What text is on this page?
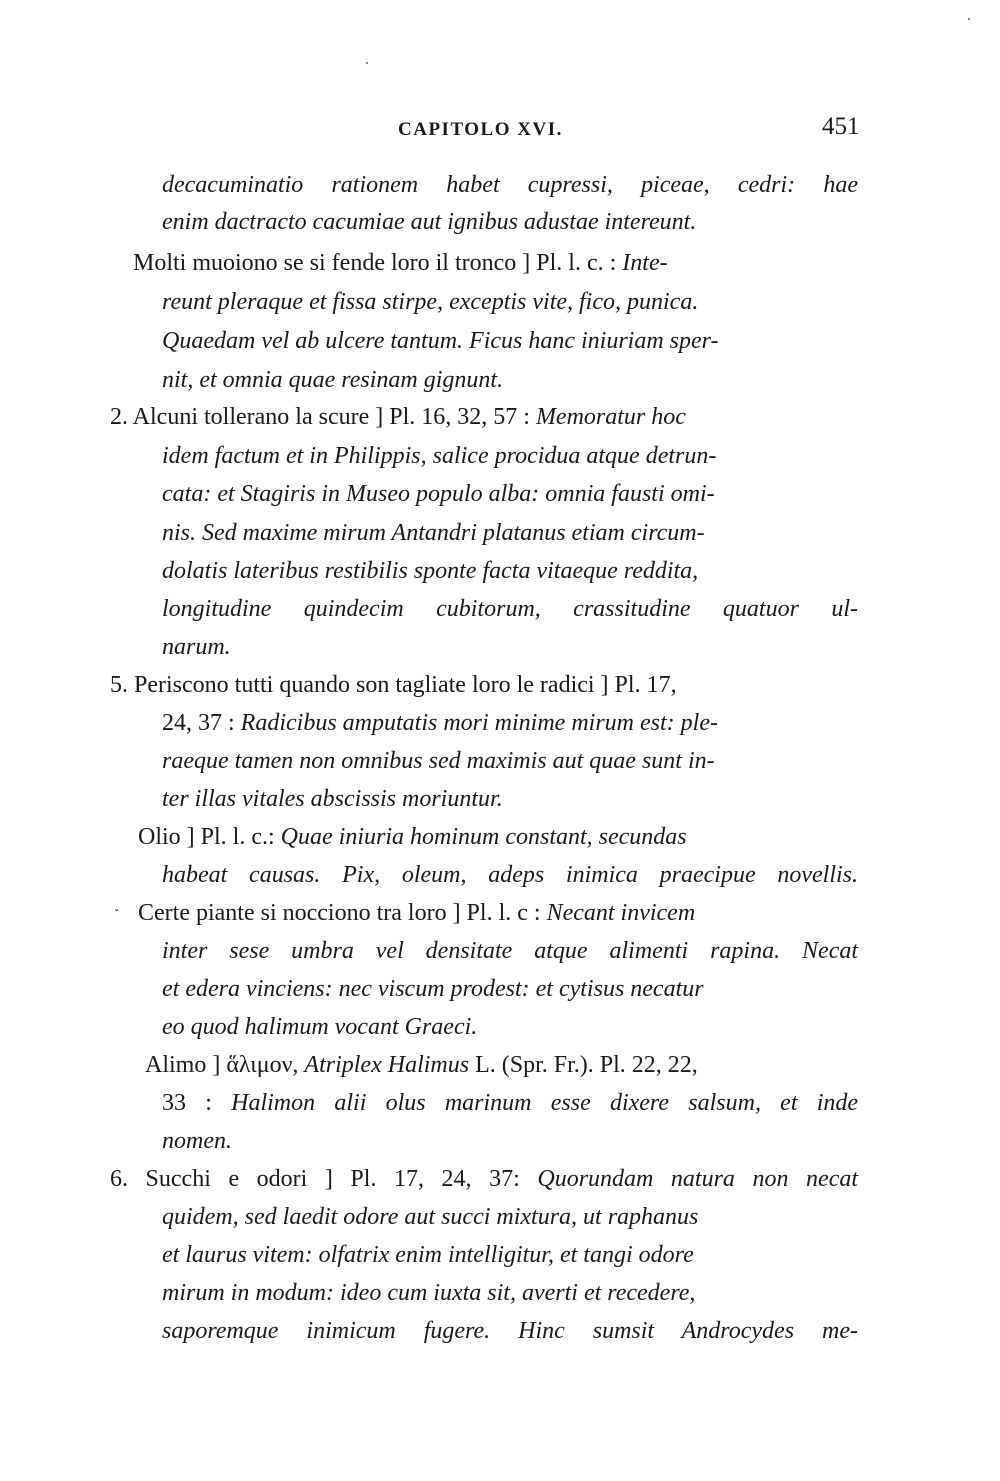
CAPITOLO XVI.	451
decacuminatio rationem habet cupressi, piceae, cedri: hae
enim dactracto cacumiae aut ignibus adustae intereunt.
Molti muoiono se si fende loro il tronco ] Pl. l. c. : Inte-
reunt pleraque et fissa stirpe, exceptis vite, fico, punica.
Quaedam vel ab ulcere tantum. Ficus hanc iniuriam sper-
nit, et omnia quae resinam gignunt.
2. Alcuni tollerano la scure ] Pl. 16, 32, 57 : Memoratur hoc
idem factum et in Philippis, salice procidua atque detrun-
cata: et Stagiris in Museo populo alba: omnia fausti omi-
nis. Sed maxime mirum Antandri platanus etiam circum-
dolatis lateribus restibilis sponte facta vitaeque reddita,
longitudine quindecim cubitorum, crassitudine quatuor ul-
narum.
5. Periscono tutti quando son tagliate loro le radici ] Pl. 17,
24, 37 : Radicibus amputatis mori minime mirum est: ple-
raeque tamen non omnibus sed maximis aut quae sunt in-
ter illas vitales abscissis moriuntur.
Olio ] Pl. l. c.: Quae iniuria hominum constant, secundas
habeat causas. Pix, oleum, adeps inimica praecipue novellis.
Certe piante si nocciono tra loro ] Pl. l. c : Necant invicem
inter sese umbra vel densitate atque alimenti rapina. Necat
et edera vinciens: nec viscum prodest: et cytisus necatur
eo quod halimum vocant Graeci.
Alimo ] ἅλιμον, Atriplex Halimus L. (Spr. Fr.). Pl. 22, 22,
33 : Halimon alii olus marinum esse dixere salsum, et inde
nomen.
6. Succhi e odori ] Pl. 17, 24, 37: Quorundam natura non necat
quidem, sed laedit odore aut succi mixtura, ut raphanus
et laurus vitem: olfatrix enim intelligitur, et tangi odore
mirum in modum: ideo cum iuxta sit, averti et recedere,
saporemque inimicum fugere. Hinc sumsit Androcydes me-
˯
